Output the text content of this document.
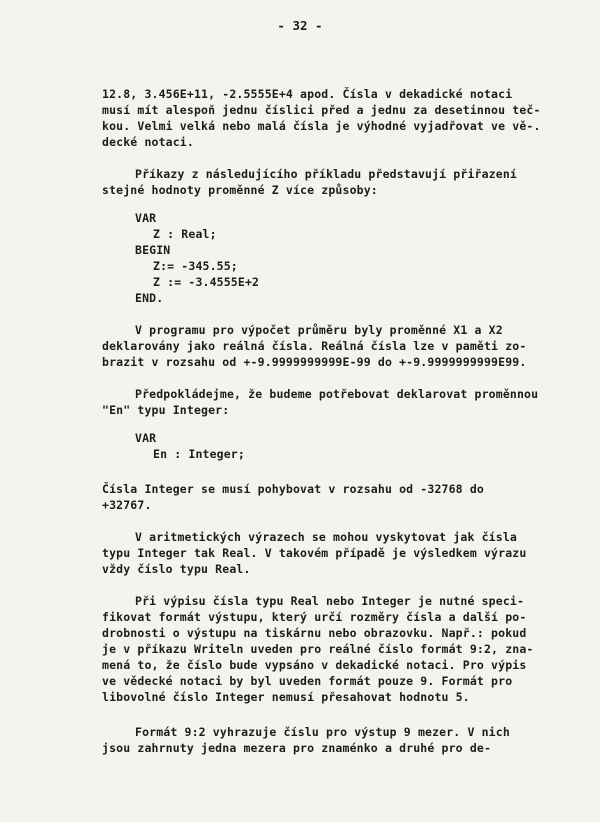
- 32 -
12.8, 3.456E+11, -2.5555E+4 apod. Čísla v dekadické notaci
musí mít alespoň jednu číslici před a jednu za desetinnou teč-
kou. Velmi velká nebo malá čísla je výhodné vyjadřovat ve vě-.
decké notaci.
Příkazy z následujícího příkladu představují přiřazení
stejné hodnoty proměnné Z více způsoby:
VAR
Z : Real;
BEGIN
Z:= -345.55;
Z := -3.4555E+2
END.
V programu pro výpočet průměru byly proměnné X1 a X2
deklarovány jako reálná čísla. Reálná čísla lze v paměti zo-
brazit v rozsahu od +-9.9999999999E-99 do +-9.9999999999E99.
Předpokládejme, že budeme potřebovat deklarovat proměnnou
"En" typu Integer:
VAR
En : Integer;
Čísla Integer se musí pohybovat v rozsahu od -32768 do
+32767.
V aritmetických výrazech se mohou vyskytovat jak čísla
typu Integer tak Real. V takovém případě je výsledkem výrazu
vždy číslo typu Real.
Při výpisu čísla typu Real nebo Integer je nutné speci-
fikovat formát výstupu, který určí rozměry čísla a další po-
drobnosti o výstupu na tiskárnu nebo obrazovku. Např.: pokud
je v příkazu Writeln uveden pro reálné číslo formát 9:2, zna-
mená to, že číslo bude vypsáno v dekadické notaci. Pro výpis
ve vědecké notaci by byl uveden formát pouze 9. Formát pro
libovolné číslo Integer nemusí přesahovat hodnotu 5.
Formát 9:2 vyhrazuje číslu pro výstup 9 mezer. V nich
jsou zahrnuty jedna mezera pro znaménko a druhé pro de-
